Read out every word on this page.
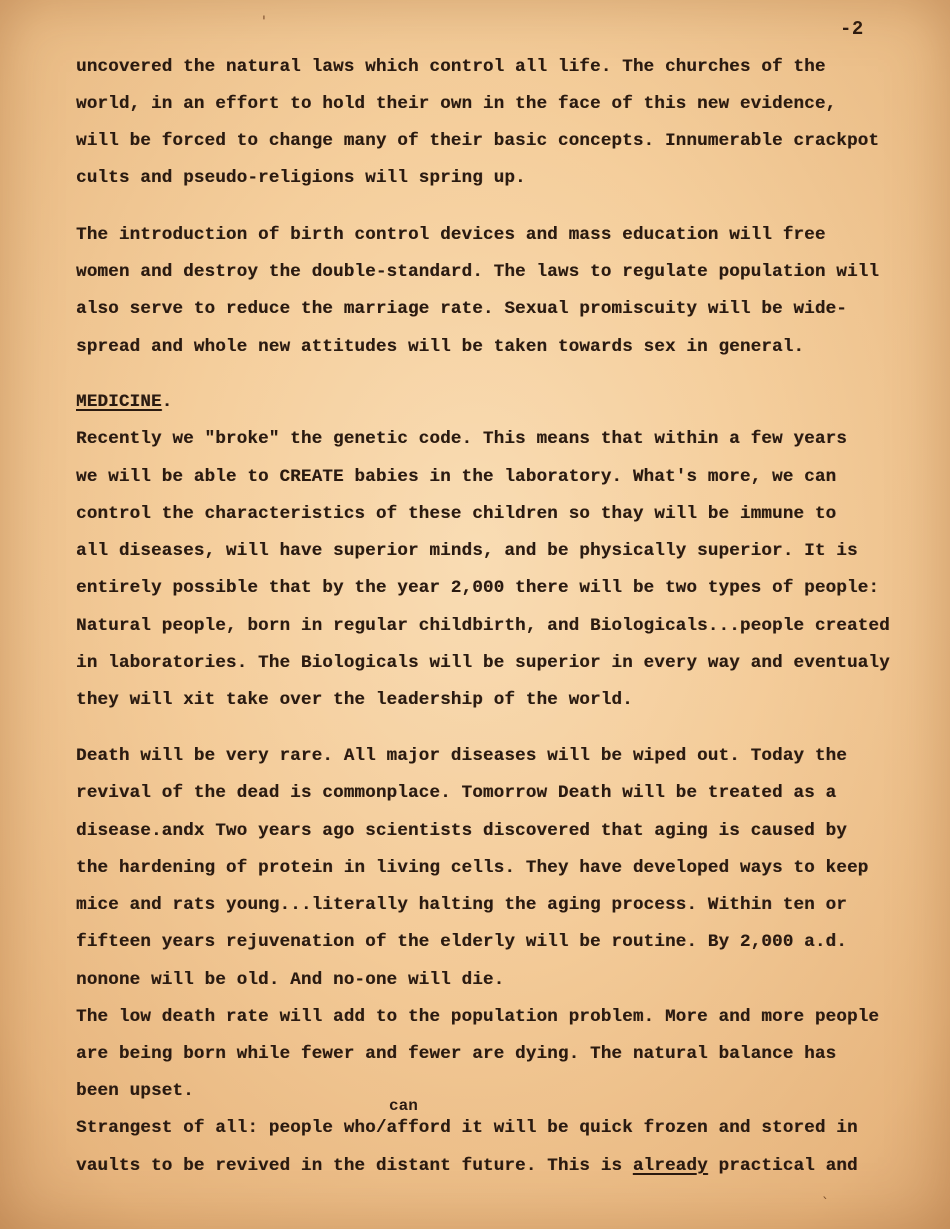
-2
'
uncovered the natural laws which control all life. The churches of the
world, in an effort to hold their own in the face of this new evidence,
will be forced to change many of their basic concepts. Innumerable crackpot
cults and pseudo-religions will spring up.
The introduction of birth control devices and mass education will free
women and destroy the double-standard. The laws to regulate population will
also serve to reduce the marriage rate. Sexual promiscuity will be wide-
spread and whole new attitudes will be taken towards sex in general.
MEDICINE.
Recently we "broke" the genetic code. This means that within a few years
we will be able to CREATE babies in the laboratory. What's more, we can
control the characteristics of these children so thay will be immune to
all diseases, will have superior minds, and be physically superior. It is
entirely possible that by the year 2,000 there will be two types of people:
Natural people, born in regular childbirth, and Biologicals...people created
in laboratories. The Biologicals will be superior in every way and eventualy
they will xit take over the leadership of the world.
Death will be very rare. All major diseases will be wiped out. Today the
revival of the dead is commonplace. Tomorrow Death will be treated as a
disease.andx Two years ago scientists discovered that aging is caused by
the hardening of protein in living cells. They have developed ways to keep
mice and rats young...literally halting the aging process. Within ten or
fifteen years rejuvenation of the elderly will be routine. By 2,000 a.d.
nonone will be old. And no-one will die.
The low death rate will add to the population problem. More and more people
are being born while fewer and fewer are dying. The natural balance has
been upset.
can
Strangest of all: people who/afford it will be quick frozen and stored in
vaults to be revived in the distant future. This is already practical and
`
